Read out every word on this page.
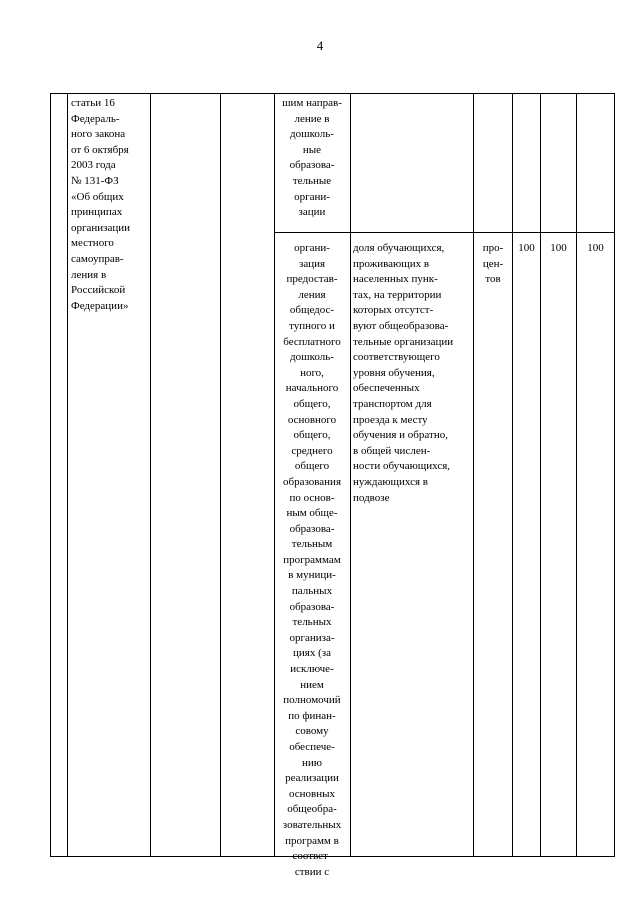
4
статьи 16
Федераль-
ного закона
от 6 октября
2003 года
№ 131-ФЗ
«Об общих
принципах
организации
местного
самоуправ-
ления в
Российской
Федерации»
шим направ-
ление в
дошколь-
ные
образова-
тельные
органи-
зации
органи-
зация
предостав-
ления
общедос-
тупного и
бесплатного
дошколь-
ного,
начального
общего,
основного
общего,
среднего
общего
образования
по основ-
ным обще-
образова-
тельным
программам
в муници-
пальных
образова-
тельных
организа-
циях (за
исключе-
нием
полномочий
по финан-
совому
обеспече-
нию
реализации
основных
общеобра-
зовательных
программ в
соответ-
ствии с
доля обучающихся,
проживающих в
населенных пунк-
тах, на территории
которых отсутст-
вуют общеобразова-
тельные организации
соответствующего
уровня обучения,
обеспеченных
транспортом для
проезда к месту
обучения и обратно,
в общей числен-
ности обучающихся,
нуждающихся в
подвозе
про-
цен-
тов
100	100	100
